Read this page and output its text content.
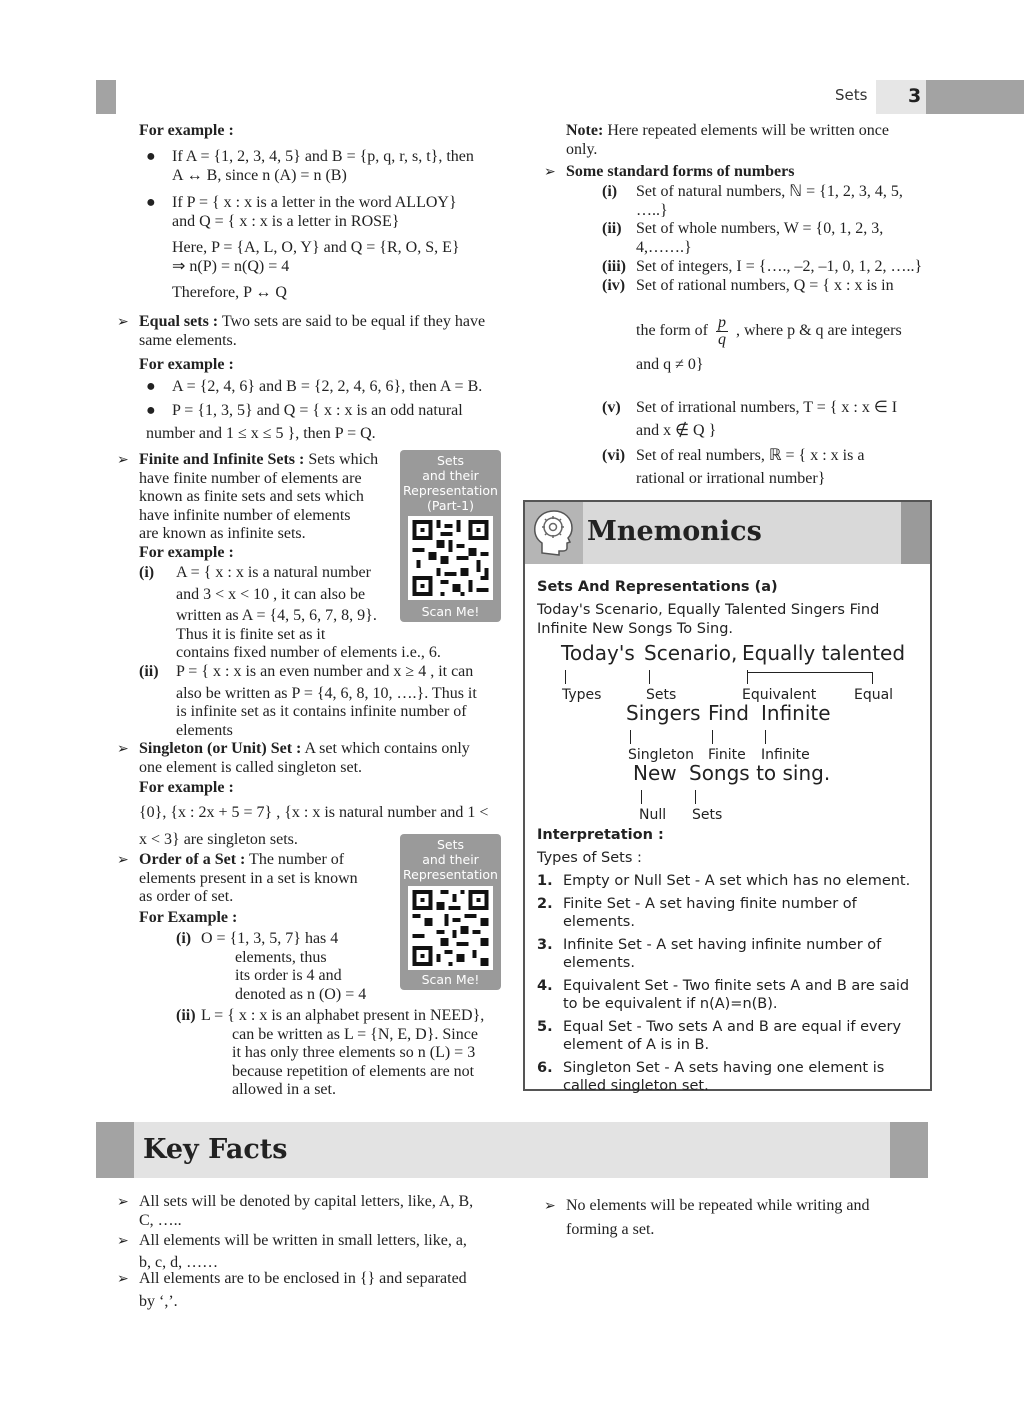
Sets 3
For example :
● If A = {1, 2, 3, 4, 5} and B = {p, q, r, s, t}, then
A ↔ B, since n (A) = n (B)
● If P = { x : x is a letter in the word ALLOY}
and Q = { x : x is a letter in ROSE}
Here, P = {A, L, O, Y} and Q = {R, O, S, E}
⇒ n(P) = n(Q) = 4
Therefore, P ↔ Q
➢ Equal sets : Two sets are said to be equal if they have
same elements.
For example :
● A = {2, 4, 6} and B = {2, 2, 4, 6, 6}, then A = B.
● P = {1, 3, 5} and Q = { x : x is an odd natural
number and 1 ≤ x ≤ 5 }, then P = Q.
➢ Finite and Infinite Sets : Sets which
have finite number of elements are
known as finite sets and sets which
have infinite number of elements
are known as infinite sets.
For example :
(i) A = { x : x is a natural number
and 3 < x < 10 , it can also be
written as A = {4, 5, 6, 7, 8, 9}.
Thus it is finite set as it
contains fixed number of elements i.e., 6.
(ii) P = { x : x is an even number and x ≥ 4 , it can
also be written as P = {4, 6, 8, 10, ….}. Thus it
is infinite set as it contains infinite number of
elements
➢ Singleton (or Unit) Set : A set which contains only
one element is called singleton set.
For example :
{0}, {x : 2x + 5 = 7} , {x : x is natural number and 1 <
x < 3} are singleton sets.
➢ Order of a Set : The number of
elements present in a set is known
as order of set.
For Example :
(i) O = {1, 3, 5, 7} has 4
elements, thus
its order is 4 and
denoted as n (O) = 4
(ii) L = { x : x is an alphabet present in NEED},
can be written as L = {N, E, D}. Since
it has only three elements so n (L) = 3
because repetition of elements are not
allowed in a set.
Sets
and their
Representation
(Part-1)
Scan Me!
Sets
and their
Representation
Scan Me!
Note: Here repeated elements will be written once
only.
➢ Some standard forms of numbers
(i) Set of natural numbers, ℕ = {1, 2, 3, 4, 5,
…..}
(ii) Set of whole numbers, W = {0, 1, 2, 3,
4,…….}
(iii) Set of integers, I = {…., –2, –1, 0, 1, 2, …..}
(iv) Set of rational numbers, Q = { x : x is in
the form of $\frac{p}{q}$ , where p & q are integers
and q ≠ 0}
(v) Set of irrational numbers, T = { x : x ∈ I
and x ∉ Q }
(vi) Set of real numbers, ℝ = { x : x is a
rational or irrational number}
Mnemonics
Sets And Representations (a)
Today's Scenario, Equally Talented Singers Find
Infinite New Songs To Sing.
Today's Scenario, Equally talented
Types	Sets	Equivalent	Equal
Singers Find Infinite
Singleton Finite Infinite
New Songs to sing.
Null Sets
Interpretation :
Types of Sets :
1. Empty or Null Set - A set which has no element.
2. Finite Set - A set having finite number of elements.
3. Infinite Set - A set having infinite number of elements.
4. Equivalent Set - Two finite sets A and B are said to be equivalent if n(A)=n(B).
5. Equal Set - Two sets A and B are equal if every element of A is in B.
6. Singleton Set - A sets having one element is called singleton set.
Key Facts
➢ All sets will be denoted by capital letters, like, A, B,
C, …..
➢ All elements will be written in small letters, like, a,
b, c, d, ……
➢ All elements are to be enclosed in {} and separated
by ‘,’.
➢ No elements will be repeated while writing and
forming a set.
